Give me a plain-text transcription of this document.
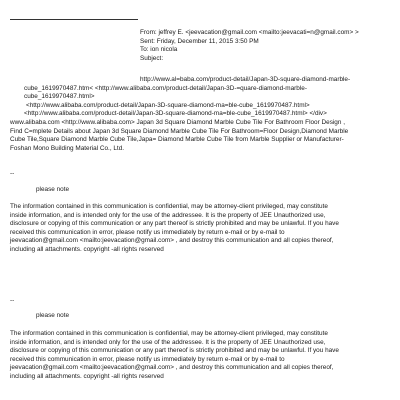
From: jeffrey E. <jeevacation@gmail.com <mailto:jeevacati=n@gmail.com> >
Sent: Friday, December 11, 2015 3:50 PM
To: ion nicola
Subject:
http://www.al=baba.com/product-detail/Japan-3D-square-diamond-marble-
cube_1619970487.htm< <http://www.alibaba.com/product-detail/Japan-3D-=quare-diamond-marble-
cube_1619970487.html>
<http://www.alibaba.com/product-detail/Japan-3D-square-diamond-ma=ble-cube_1619970487.html>
<http://www.alibaba.com/product-detail/Japan-3D-square-diamond-ma=ble-cube_1619970487.html> </div>
www.alibaba.com <http://www.alibaba.com> Japan 3d Square Diamond Marble Cube Tile For Bathroom Floor Design ,
Find C=mplete Details about Japan 3d Square Diamond Marble Cube Tile For Bathroom=Floor Design,Diamond Marble
Cube Tile,Square Diamond Marble Cube Tile,Japa= Diamond Marble Cube Tile from Marble Supplier or Manufacturer-
Foshan Mono Building Material Co., Ltd.
--
please note
The information contained in this communication is confidential, may be attorney-client privileged, may constitute
inside information, and is intended only for the use of the addressee. It is the property of JEE Unauthorized use,
disclosure or copying of this communication or any part thereof is strictly prohibited and may be unlawful. If you have
received this communication in error, please notify us immediately by return e-mail or by e-mail to
jeevacation@gmail.com <mailto:jeevacation@gmail.com> , and destroy this communication and all copies thereof,
including all attachments. copyright -all rights reserved
--
please note
The information contained in this communication is confidential, may be attorney-client privileged, may constitute
inside information, and is intended only for the use of the addressee. It is the property of JEE Unauthorized use,
disclosure or copying of this communication or any part thereof is strictly prohibited and may be unlawful. If you have
received this communication in error, please notify us immediately by return e-mail or by e-mail to
jeevacation@gmail.com <mailto:jeevacation@gmail.com> , and destroy this communication and all copies thereof,
including all attachments. copyright -all rights reserved
